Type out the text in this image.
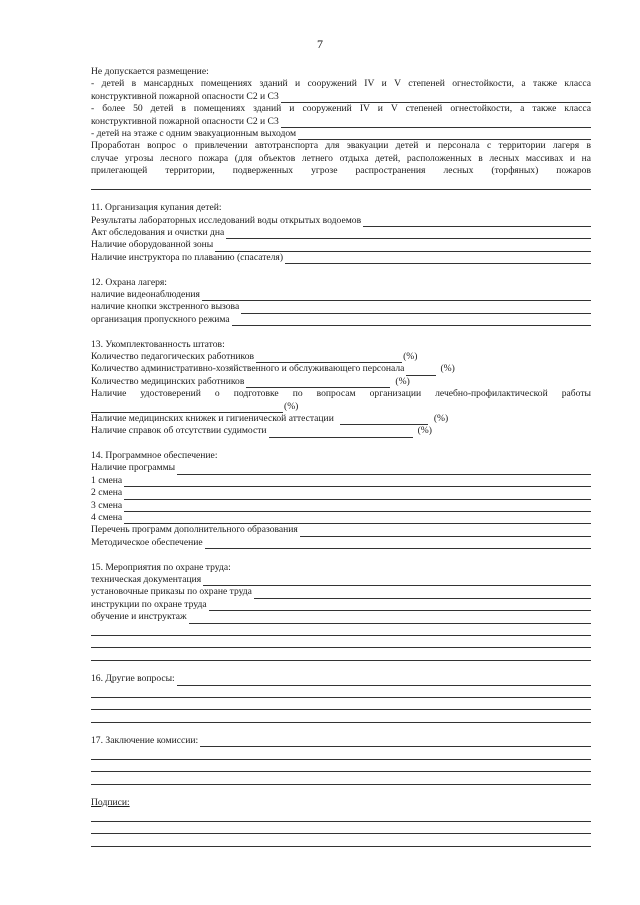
7
Не допускается размещение:
- детей в мансардных помещениях зданий и сооружений IV и V степеней огнестойкости, а также класса
конструктивной пожарной опасности С2 и С3
- более 50 детей в помещениях зданий и сооружений IV и V степеней огнестойкости, а также класса
конструктивной пожарной опасности С2 и С3
- детей на этаже с одним эвакуационным выходом
Проработан вопрос о привлечении автотранспорта для эвакуации детей и персонала с территории лагеря в
случае угрозы лесного пожара (для объектов летнего отдыха детей, расположенных в лесных массивах и на
прилегающей территории, подверженных угрозе распространения лесных (торфяных) пожаров
11. Организация купания детей:
Результаты лабораторных исследований воды открытых водоемов
Акт обследования и очистки дна
Наличие оборудованной зоны
Наличие инструктора по плаванию (спасателя)
12. Охрана лагеря:
наличие видеонаблюдения
наличие кнопки экстренного вызова
организация пропускного режима
13. Укомплектованность штатов:
Количество педагогических работников	(%)
Количество административно-хозяйственного и обслуживающего персонала	(%)
Количество медицинских работников	(%)
Наличие удостоверений о подготовке по вопросам организации лечебно-профилактической работы
(%)
Наличие медицинских книжек и гигиенической аттестации	(%)
Наличие справок об отсутствии судимости	(%)
14. Программное обеспечение:
Наличие программы
1 смена
2 смена
3 смена
4 смена
Перечень программ дополнительного образования
Методическое обеспечение
15. Мероприятия по охране труда:
техническая документация
установочные приказы по охране труда
инструкции по охране труда
обучение и инструктаж
16. Другие вопросы:
17. Заключение комиссии:
Подписи:
